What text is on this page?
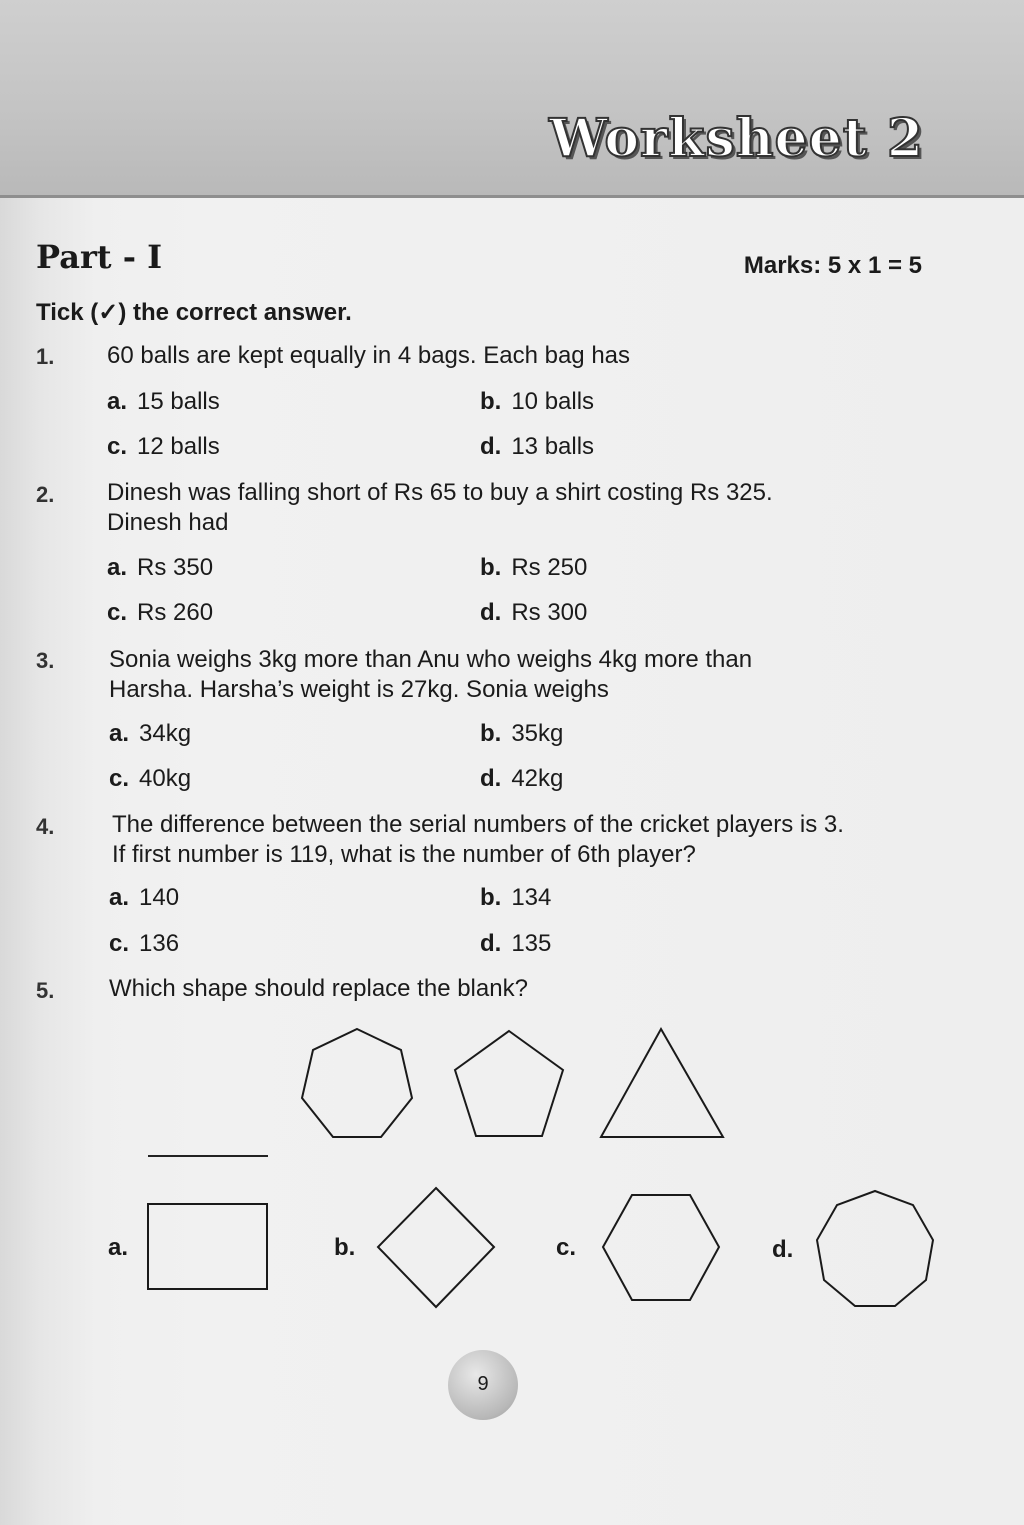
Worksheet 2
Part - I	Marks: 5 x 1 = 5
Tick (✓) the correct answer.
1. 60 balls are kept equally in 4 bags. Each bag has
a. 15 balls	b. 10 balls
c. 12 balls	d. 13 balls
2. Dinesh was falling short of Rs 65 to buy a shirt costing Rs 325.
Dinesh had
a. Rs 350	b. Rs 250
c. Rs 260	d. Rs 300
3. Sonia weighs 3kg more than Anu who weighs 4kg more than
Harsha. Harsha’s weight is 27kg. Sonia weighs
a. 34kg	b. 35kg
c. 40kg	d. 42kg
4. The difference between the serial numbers of the cricket players is 3.
If first number is 119, what is the number of 6th player?
a. 140	b. 134
c. 136	d. 135
5. Which shape should replace the blank?
a.	b.	c.	d.
9
